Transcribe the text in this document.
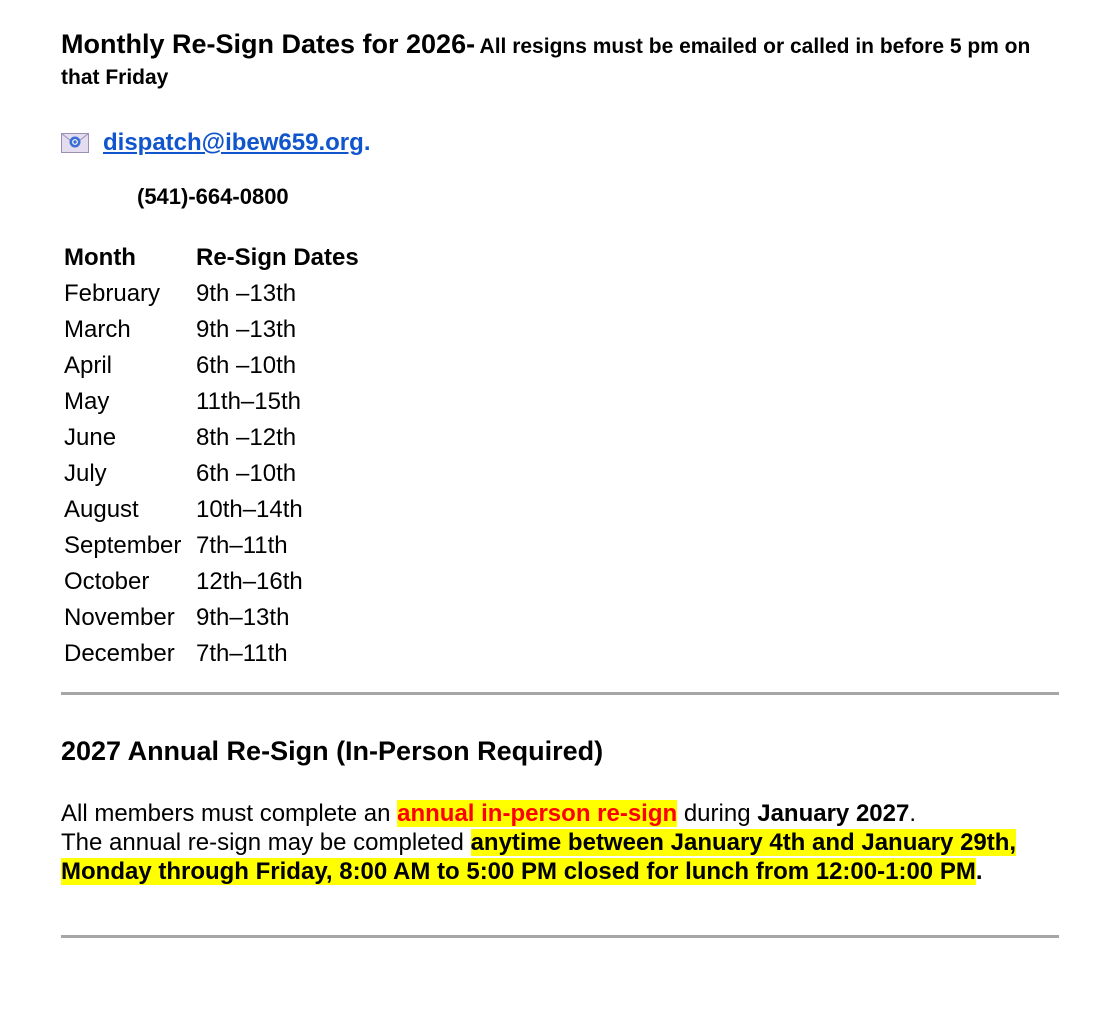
Monthly Re-Sign Dates for 2026- All resigns must be emailed or called in before 5 pm on that Friday

dispatch@ibew659.org .
(541)-664-0800
Month	Re-Sign Dates
February	9th –13th
March	9th –13th
April	6th –10th
May	11th–15th
June	8th –12th
July	6th –10th
August	10th–14th
September	7th–11th
October	12th–16th
November	9th–13th
December	7th–11th
2027 Annual Re-Sign (In-Person Required)
All members must complete an annual in-person re-sign during January 2027.
The annual re-sign may be completed anytime between January 4th and January 29th, Monday through Friday, 8:00 AM to 5:00 PM closed for lunch from 12:00-1:00 PM.
